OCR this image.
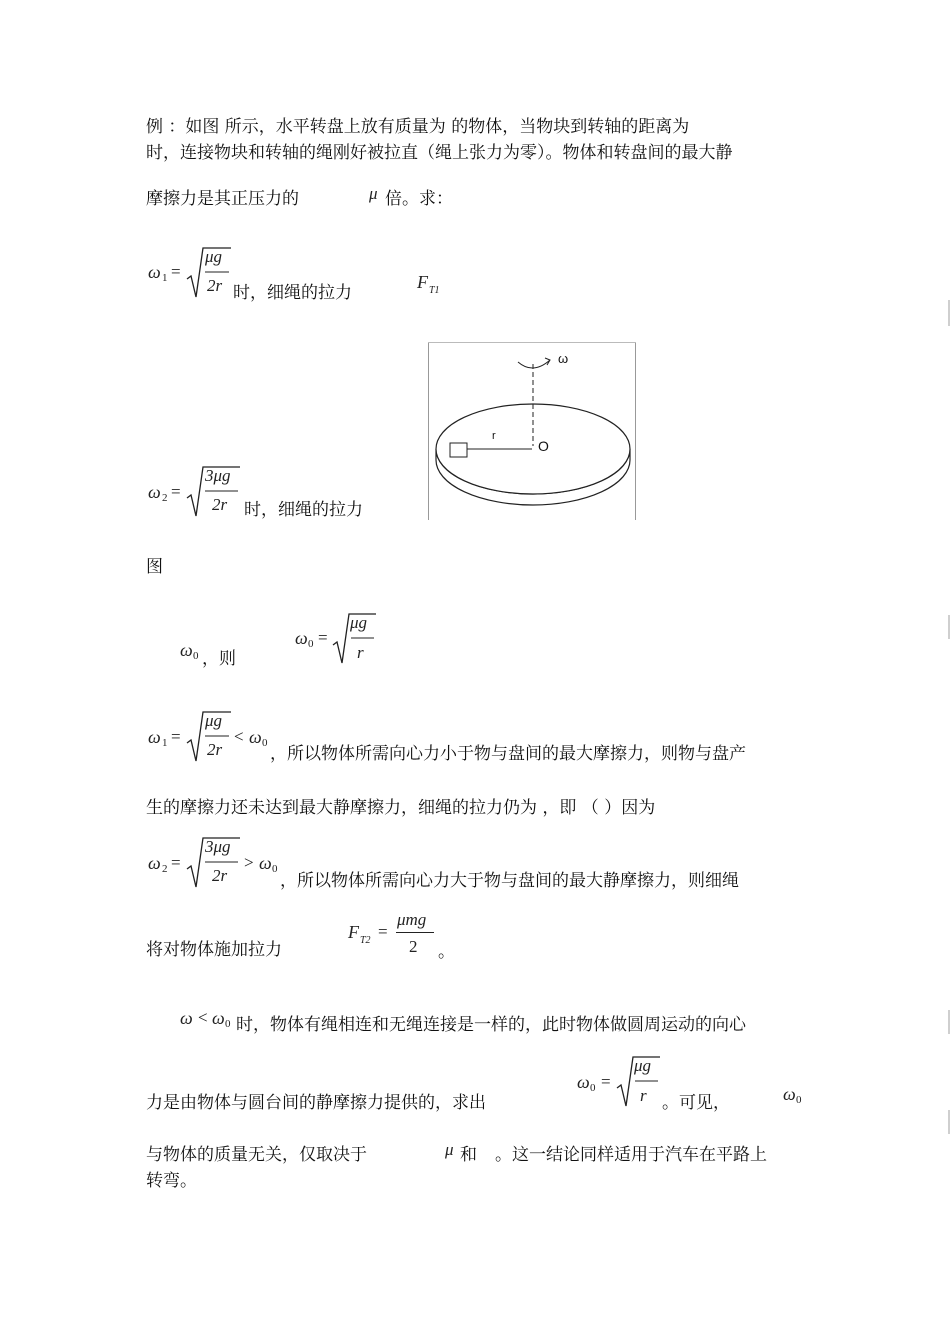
例 ：如图 所示，水平转盘上放有质量为 的物体，当物块到转轴的距离为
时，连接物块和转轴的绳刚好被拉直（绳上张力为零）。物体和转盘间的最大静
摩擦力是其正压力的	μ 倍。求：
ω 1 =
μg
2r 时，细绳的拉力
F T1
ω
r
O
ω 2 =
3μg
2r 时，细绳的拉力
图
ω 0 ，则
ω 0 =
μg
r
ω 1 =
μg
2r
< ω 0
，所以物体所需向心力小于物与盘间的最大摩擦力，则物与盘产
生的摩擦力还未达到最大静摩擦力，细绳的拉力仍为 ，即 （ ）因为
ω 2 =
3μg
2r
> ω 0
，所以物体所需向心力大于物与盘间的最大静摩擦力，则细绳
将对物体施加拉力
F T2 =
μmg
2 。
ω < ω 0 时，物体有绳相连和无绳连接是一样的，此时物体做圆周运动的向心
力是由物体与圆台间的静摩擦力提供的，求出
ω 0 =
μg
r 。可见，	ω 0
与物体的质量无关，仅取决于	μ 和 。这一结论同样适用于汽车在平路上
转弯。
